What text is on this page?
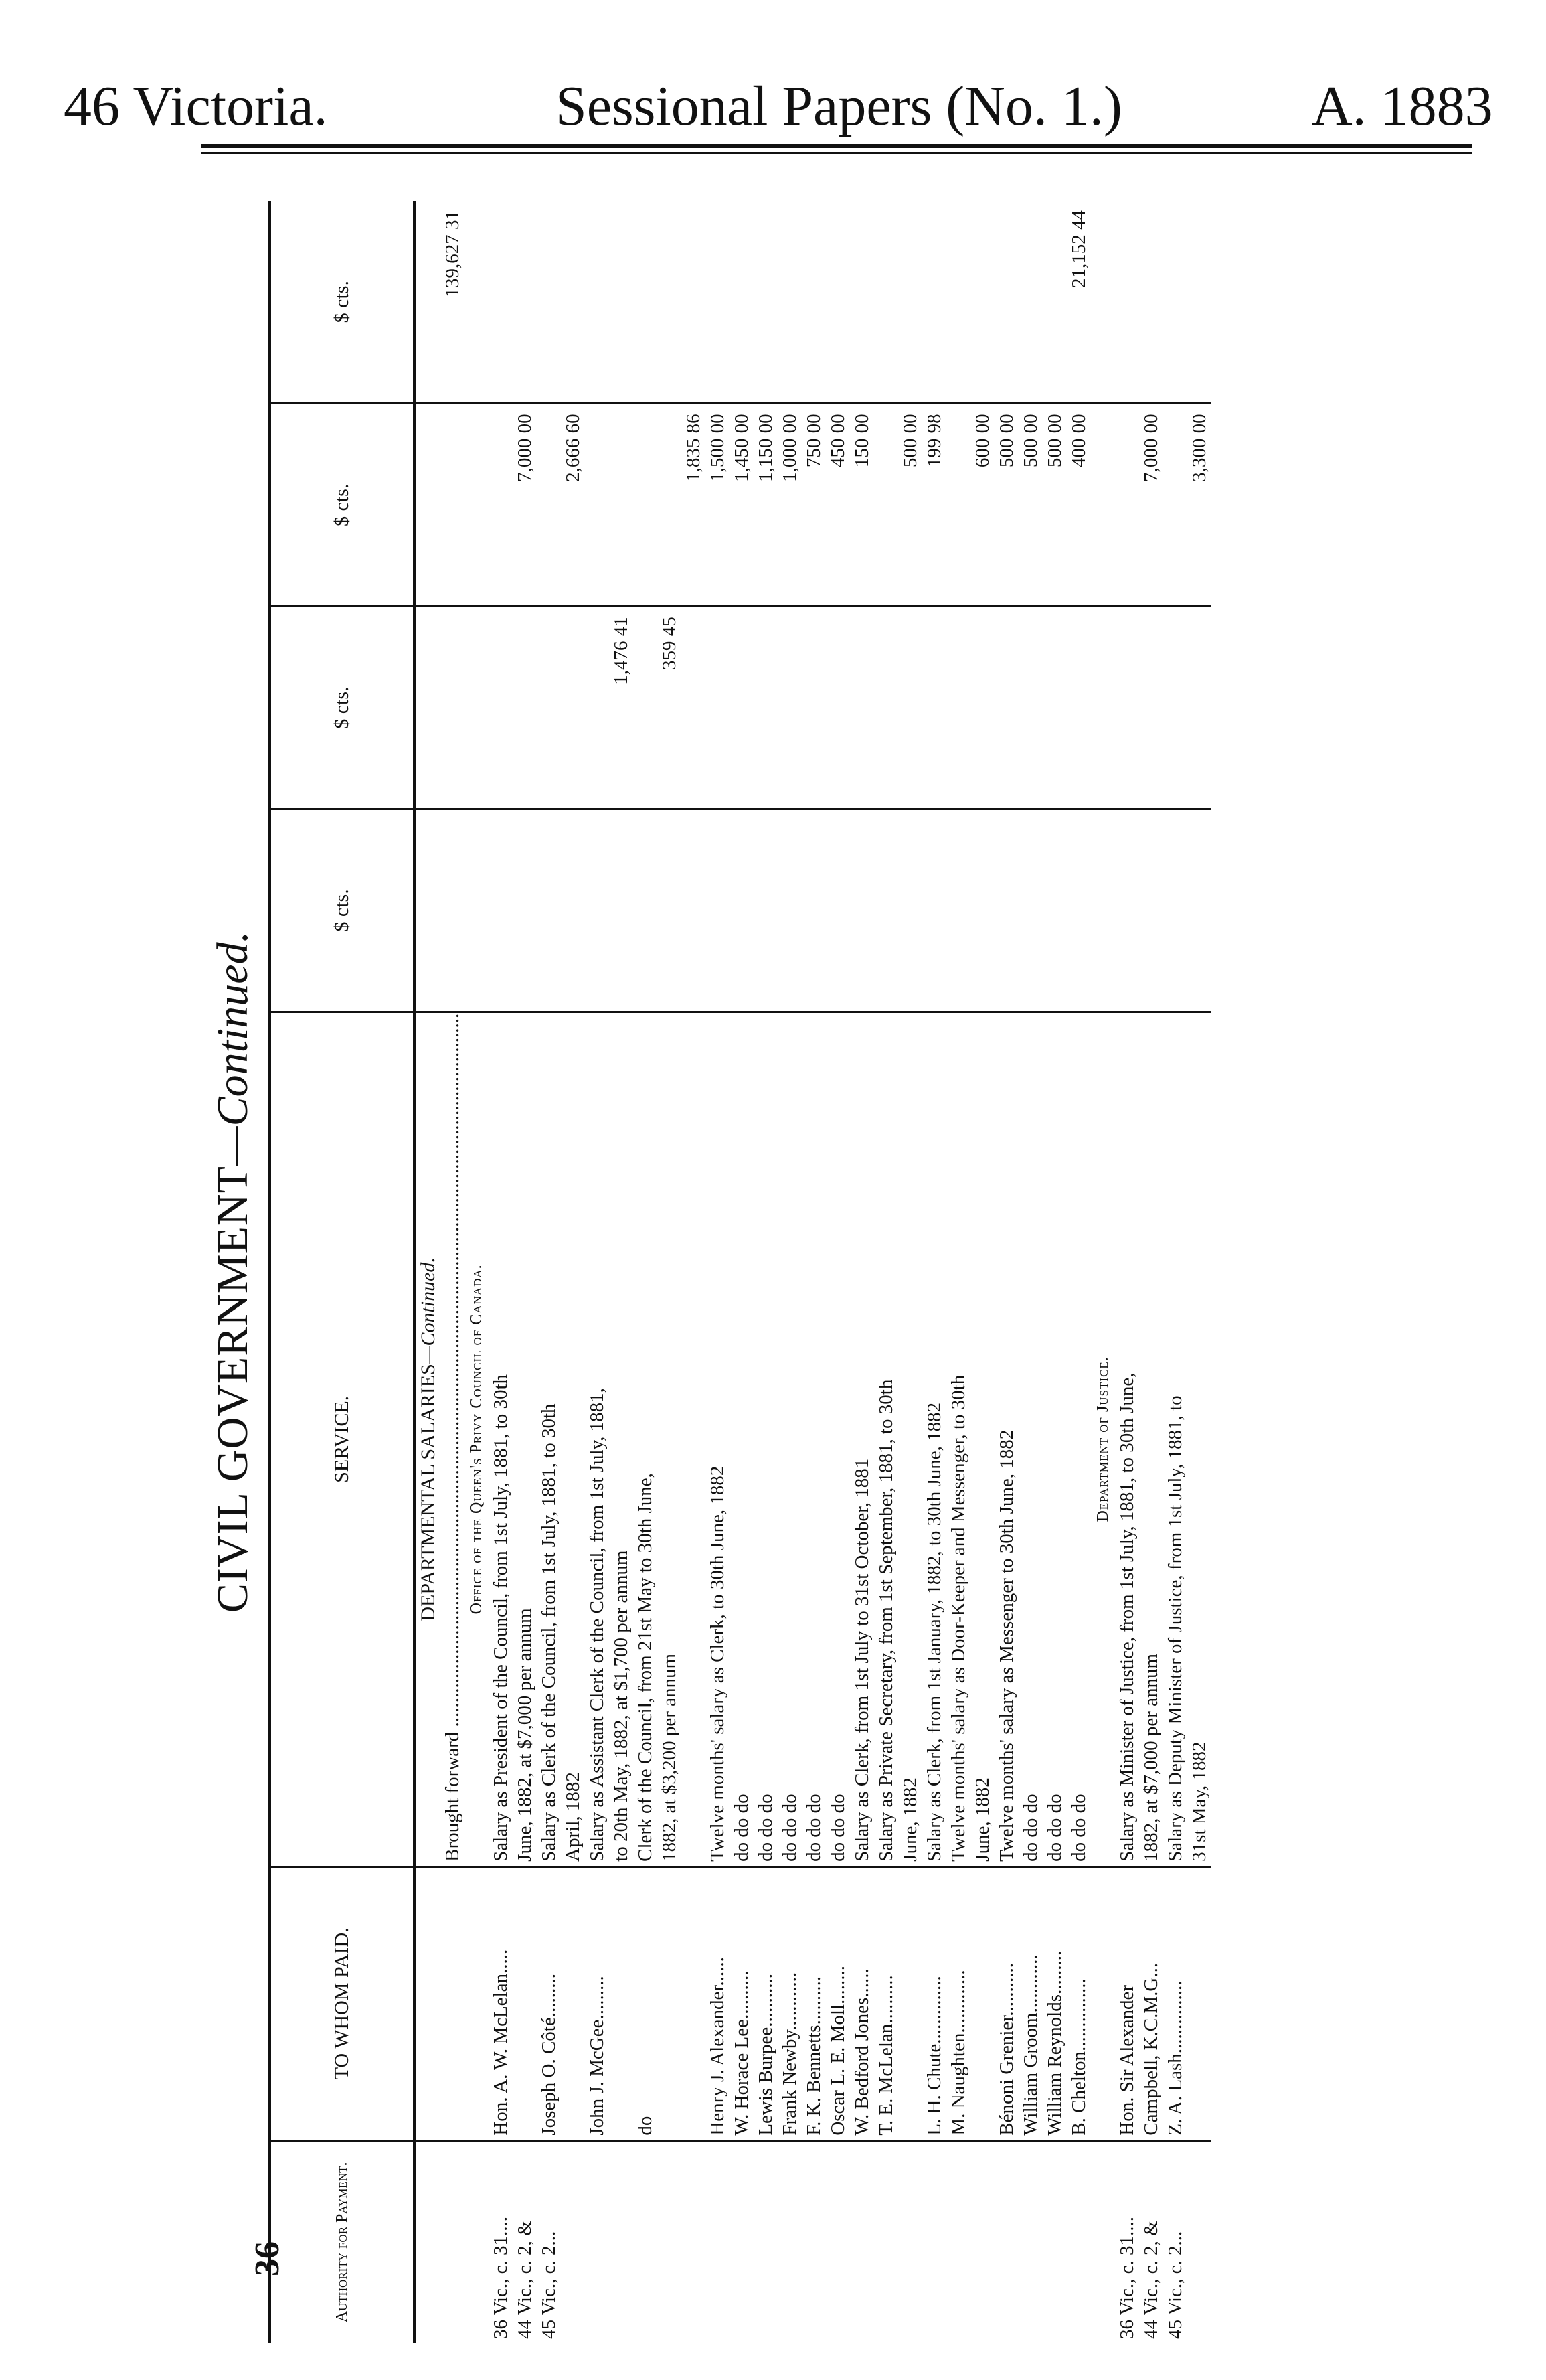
46 Victoria.	Sessional Papers (No. 1.)	A. 1883
CIVIL GOVERNMENT—Continued.
Authority for Payment.	TO WHOM PAID.	SERVICE.	$ cts.	$ cts.	$ cts.	$ cts.
		DEPARTMENTAL SALARIES—Continued.				
		Brought forward .....				139,627 31
		Office of the Queen's Privy Council of Canada.				
36 Vic., c. 31....	Hon. A. W. McLelan.....	Salary as President of the Council, from 1st July, 1881, to 30th				
44 Vic., c. 2, &		June, 1882, at $7,000 per annum			7,000 00	
45 Vic., c. 2...	Joseph O. Côté.........	Salary as Clerk of the Council, from 1st July, 1881, to 30th				
		April, 1882			2,666 60	
	John J. McGee.........	Salary as Assistant Clerk of the Council, from 1st July, 1881,				
		to 20th May, 1882, at $1,700 per annum		1,476 41		
	do	Clerk of the Council, from 21st May to 30th June,				
		1882, at $3,200 per annum		359 45		
					1,835 86	
	Henry J. Alexander......	Twelve months' salary as Clerk, to 30th June, 1882			1,500 00	
	W. Horace Lee..........	do do do			1,450 00	
	Lewis Burpee...........	do do do			1,150 00	
	Frank Newby............	do do do			1,000 00	
	F. K. Bennetts..........	do do do			750 00	
	Oscar L. E. Moll........	do do do			450 00	
	W. Bedford Jones......	Salary as Clerk, from 1st July to 31st October, 1881			150 00	
	T. E. McLelan..........	Salary as Private Secretary, from 1st September, 1881, to 30th				
		June, 1882			500 00	
	L. H. Chute..............	Salary as Clerk, from 1st January, 1882, to 30th June, 1882			199 98	
	M. Naughten.............	Twelve months' salary as Door-Keeper and Messenger, to 30th				
		June, 1882			600 00	
	Bénoni Grenier...........	Twelve months' salary as Messenger to 30th June, 1882			500 00	
	William Groom............	do do do			500 00	
	William Reynolds.........	do do do			500 00	
	B. Chelton...............	do do do			400 00	21,152 44
		Department of Justice.				
36 Vic., c. 31....	Hon. Sir Alexander	Salary as Minister of Justice, from 1st July, 1881, to 30th June,				
44 Vic., c. 2, &	Campbell, K.C.M.G...	1882, at $7,000 per annum			7,000 00	
45 Vic., c. 2...	Z. A. Lash...............	Salary as Deputy Minister of Justice, from 1st July, 1881, to				
		31st May, 1882			3,300 00	
36
